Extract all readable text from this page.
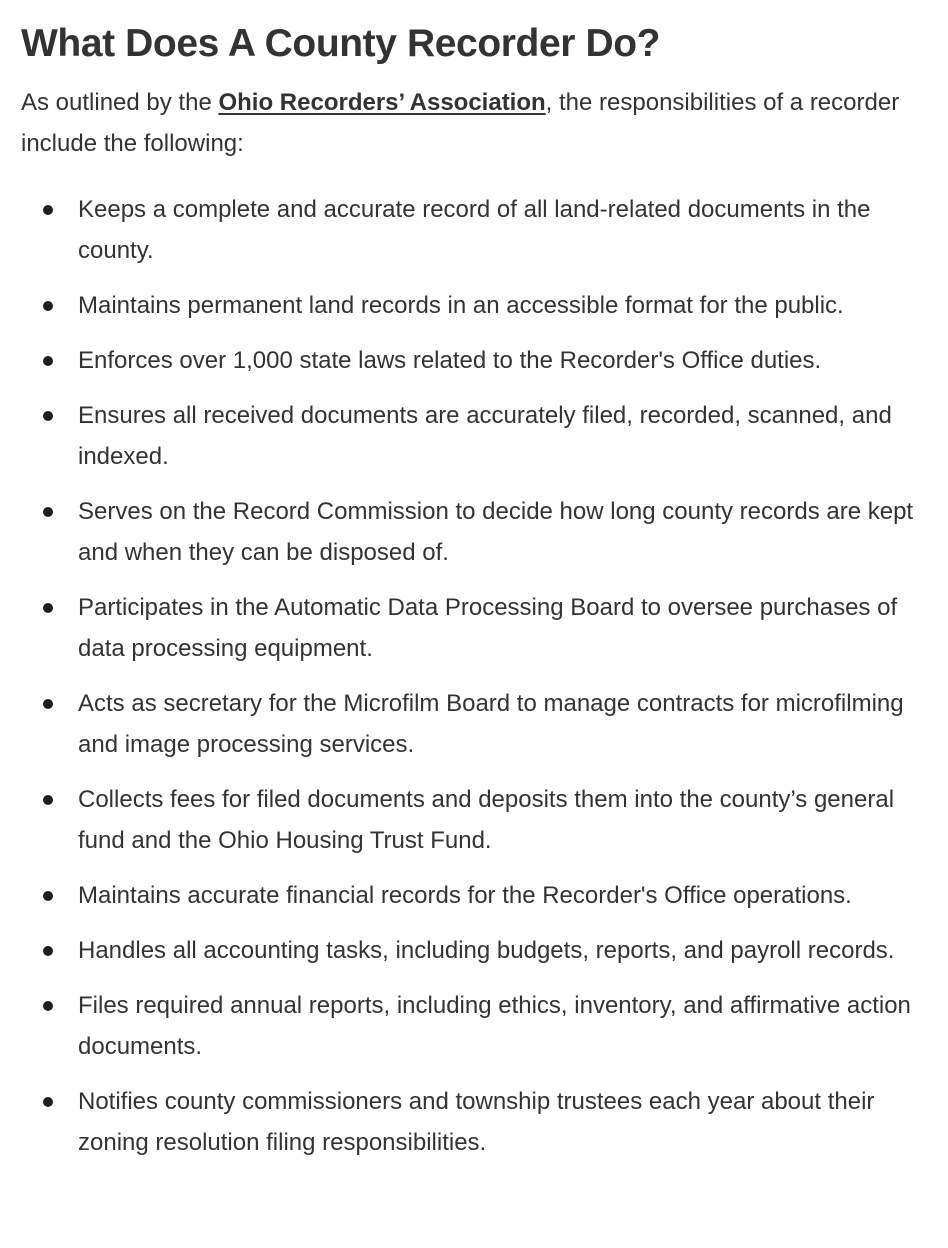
What Does A County Recorder Do?

As outlined by the Ohio Recorders’ Association, the responsibilities of a recorder include the following:

Keeps a complete and accurate record of all land-related documents in the county.
Maintains permanent land records in an accessible format for the public.
Enforces over 1,000 state laws related to the Recorder's Office duties.
Ensures all received documents are accurately filed, recorded, scanned, and indexed.
Serves on the Record Commission to decide how long county records are kept and when they can be disposed of.
Participates in the Automatic Data Processing Board to oversee purchases of data processing equipment.
Acts as secretary for the Microfilm Board to manage contracts for microfilming and image processing services.
Collects fees for filed documents and deposits them into the county’s general fund and the Ohio Housing Trust Fund.
Maintains accurate financial records for the Recorder's Office operations.
Handles all accounting tasks, including budgets, reports, and payroll records.
Files required annual reports, including ethics, inventory, and affirmative action documents.
Notifies county commissioners and township trustees each year about their zoning resolution filing responsibilities.
